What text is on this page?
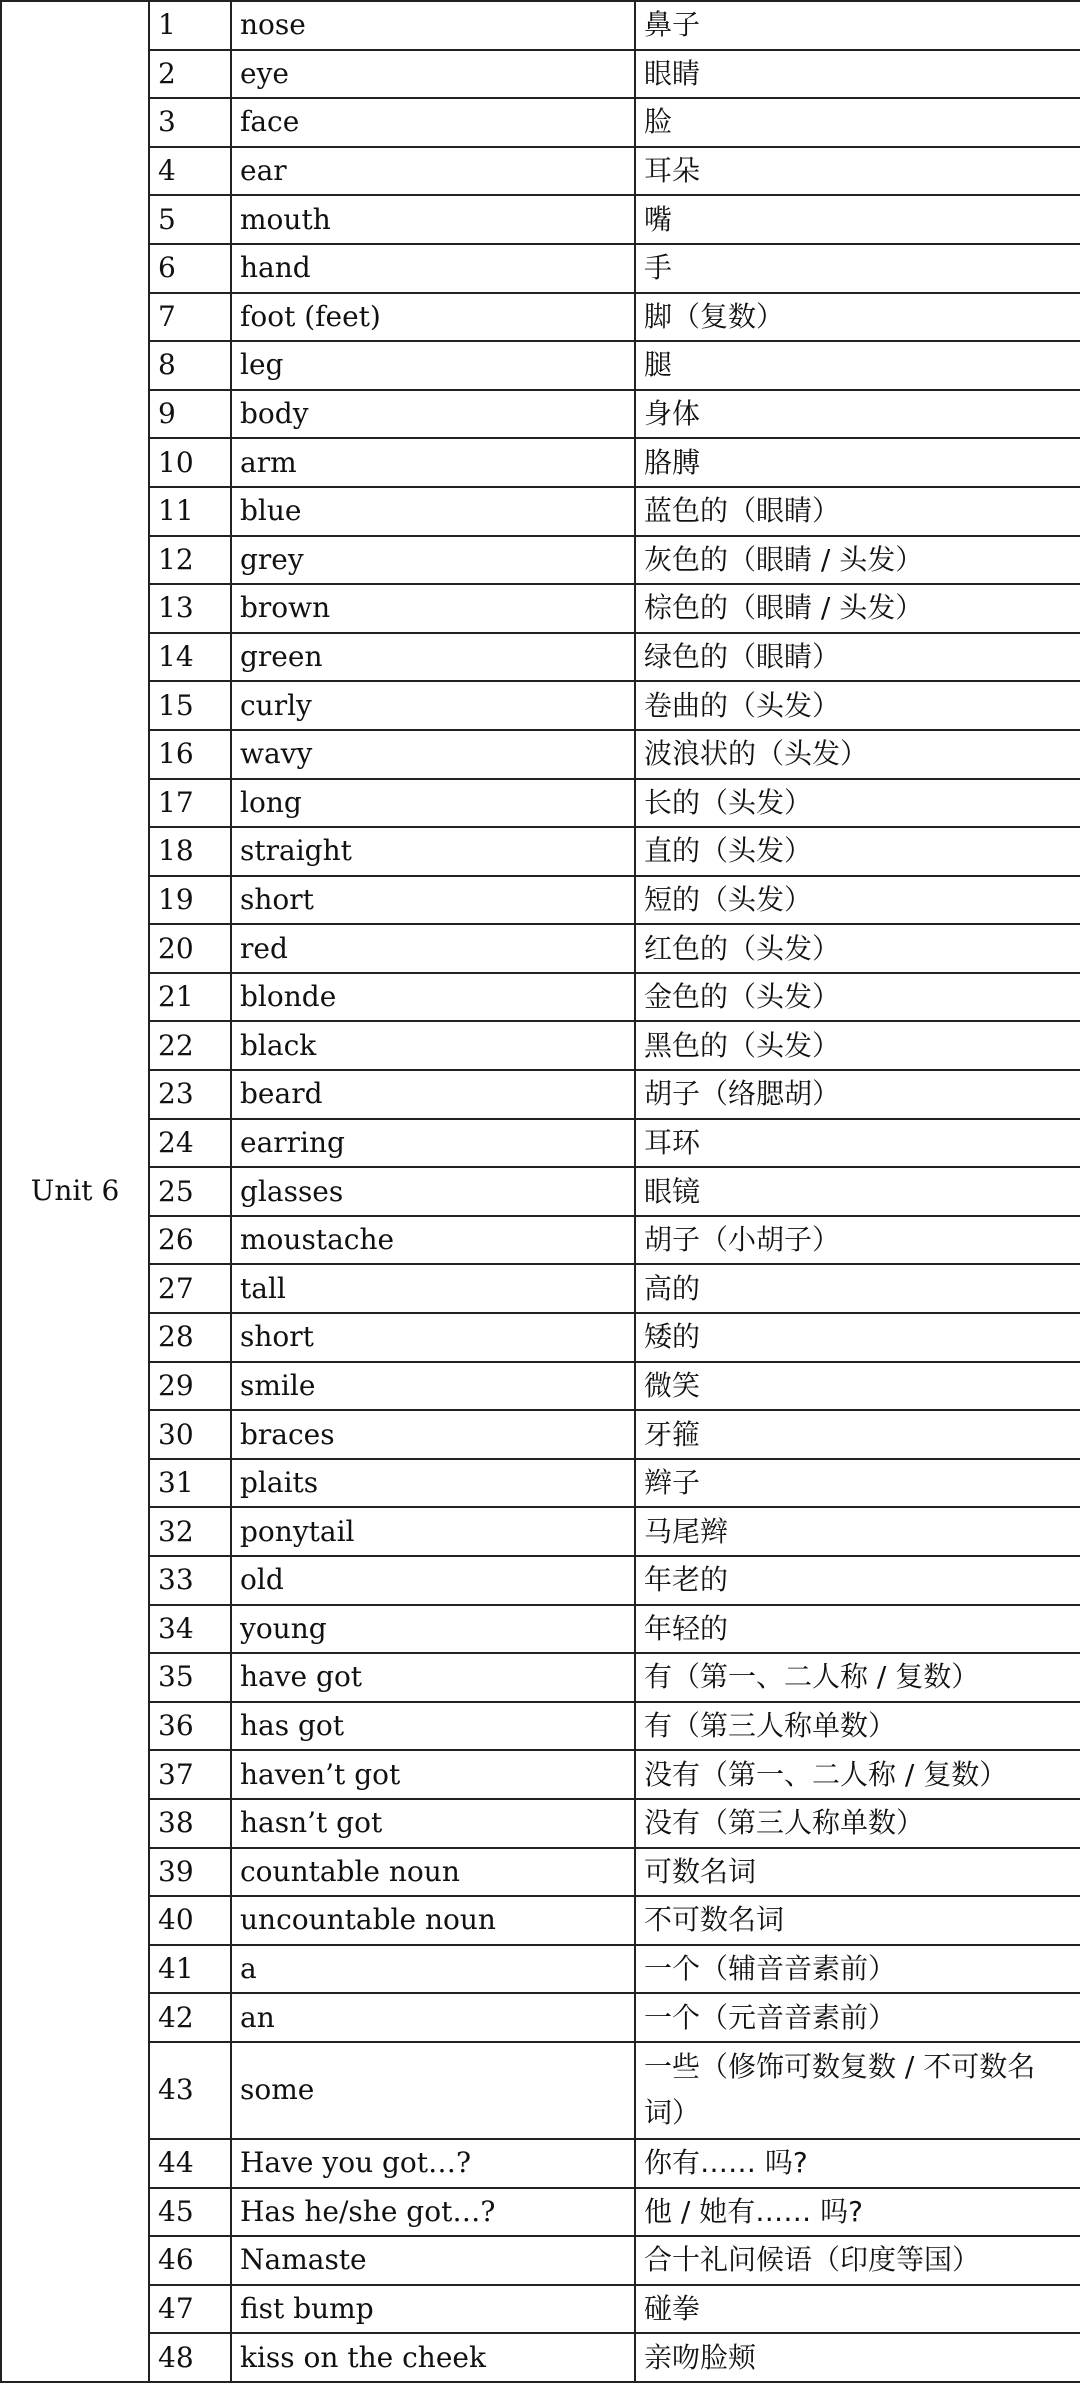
Unit 6	1	nose	鼻子
	2	eye	眼睛
	3	face	脸
	4	ear	耳朵
	5	mouth	嘴
	6	hand	手
	7	foot (feet)	脚（复数）
	8	leg	腿
	9	body	身体
	10	arm	胳膊
	11	blue	蓝色的（眼睛）
	12	grey	灰色的（眼睛 / 头发）
	13	brown	棕色的（眼睛 / 头发）
	14	green	绿色的（眼睛）
	15	curly	卷曲的（头发）
	16	wavy	波浪状的（头发）
	17	long	长的（头发）
	18	straight	直的（头发）
	19	short	短的（头发）
	20	red	红色的（头发）
	21	blonde	金色的（头发）
	22	black	黑色的（头发）
	23	beard	胡子（络腮胡）
	24	earring	耳环
	25	glasses	眼镜
	26	moustache	胡子（小胡子）
	27	tall	高的
	28	short	矮的
	29	smile	微笑
	30	braces	牙箍
	31	plaits	辫子
	32	ponytail	马尾辫
	33	old	年老的
	34	young	年轻的
	35	have got	有（第一、二人称 / 复数）
	36	has got	有（第三人称单数）
	37	haven’t got	没有（第一、二人称 / 复数）
	38	hasn’t got	没有（第三人称单数）
	39	countable noun	可数名词
	40	uncountable noun	不可数名词
	41	a	一个（辅音音素前）
	42	an	一个（元音音素前）
	43	some	一些（修饰可数复数 / 不可数名词）
	44	Have you got…?	你有…… 吗?
	45	Has he/she got…?	他 / 她有…… 吗?
	46	Namaste	合十礼问候语（印度等国）
	47	fist bump	碰拳
	48	kiss on the cheek	亲吻脸颊
